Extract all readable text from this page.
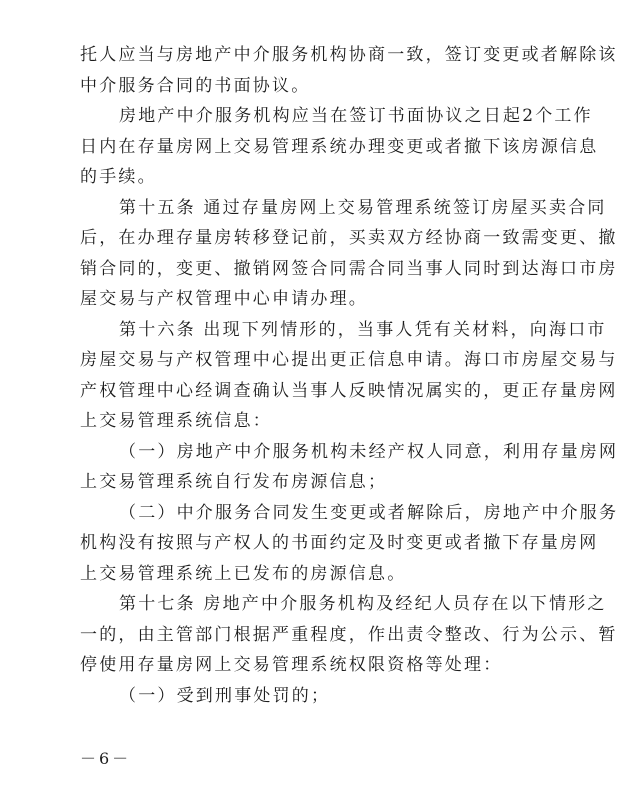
托人应当与房地产中介服务机构协商一致，签订变更或者解除该
中介服务合同的书面协议。
房地产中介服务机构应当在签订书面协议之日起2个工作
日内在存量房网上交易管理系统办理变更或者撤下该房源信息
的手续。
第十五条 通过存量房网上交易管理系统签订房屋买卖合同
后，在办理存量房转移登记前，买卖双方经协商一致需变更、撤
销合同的，变更、撤销网签合同需合同当事人同时到达海口市房
屋交易与产权管理中心申请办理。
第十六条 出现下列情形的，当事人凭有关材料，向海口市
房屋交易与产权管理中心提出更正信息申请。海口市房屋交易与
产权管理中心经调查确认当事人反映情况属实的，更正存量房网
上交易管理系统信息：
（一）房地产中介服务机构未经产权人同意，利用存量房网
上交易管理系统自行发布房源信息；
（二）中介服务合同发生变更或者解除后，房地产中介服务
机构没有按照与产权人的书面约定及时变更或者撤下存量房网
上交易管理系统上已发布的房源信息。
第十七条 房地产中介服务机构及经纪人员存在以下情形之
一的，由主管部门根据严重程度，作出责令整改、行为公示、暂
停使用存量房网上交易管理系统权限资格等处理：
（一）受到刑事处罚的；
－6－
